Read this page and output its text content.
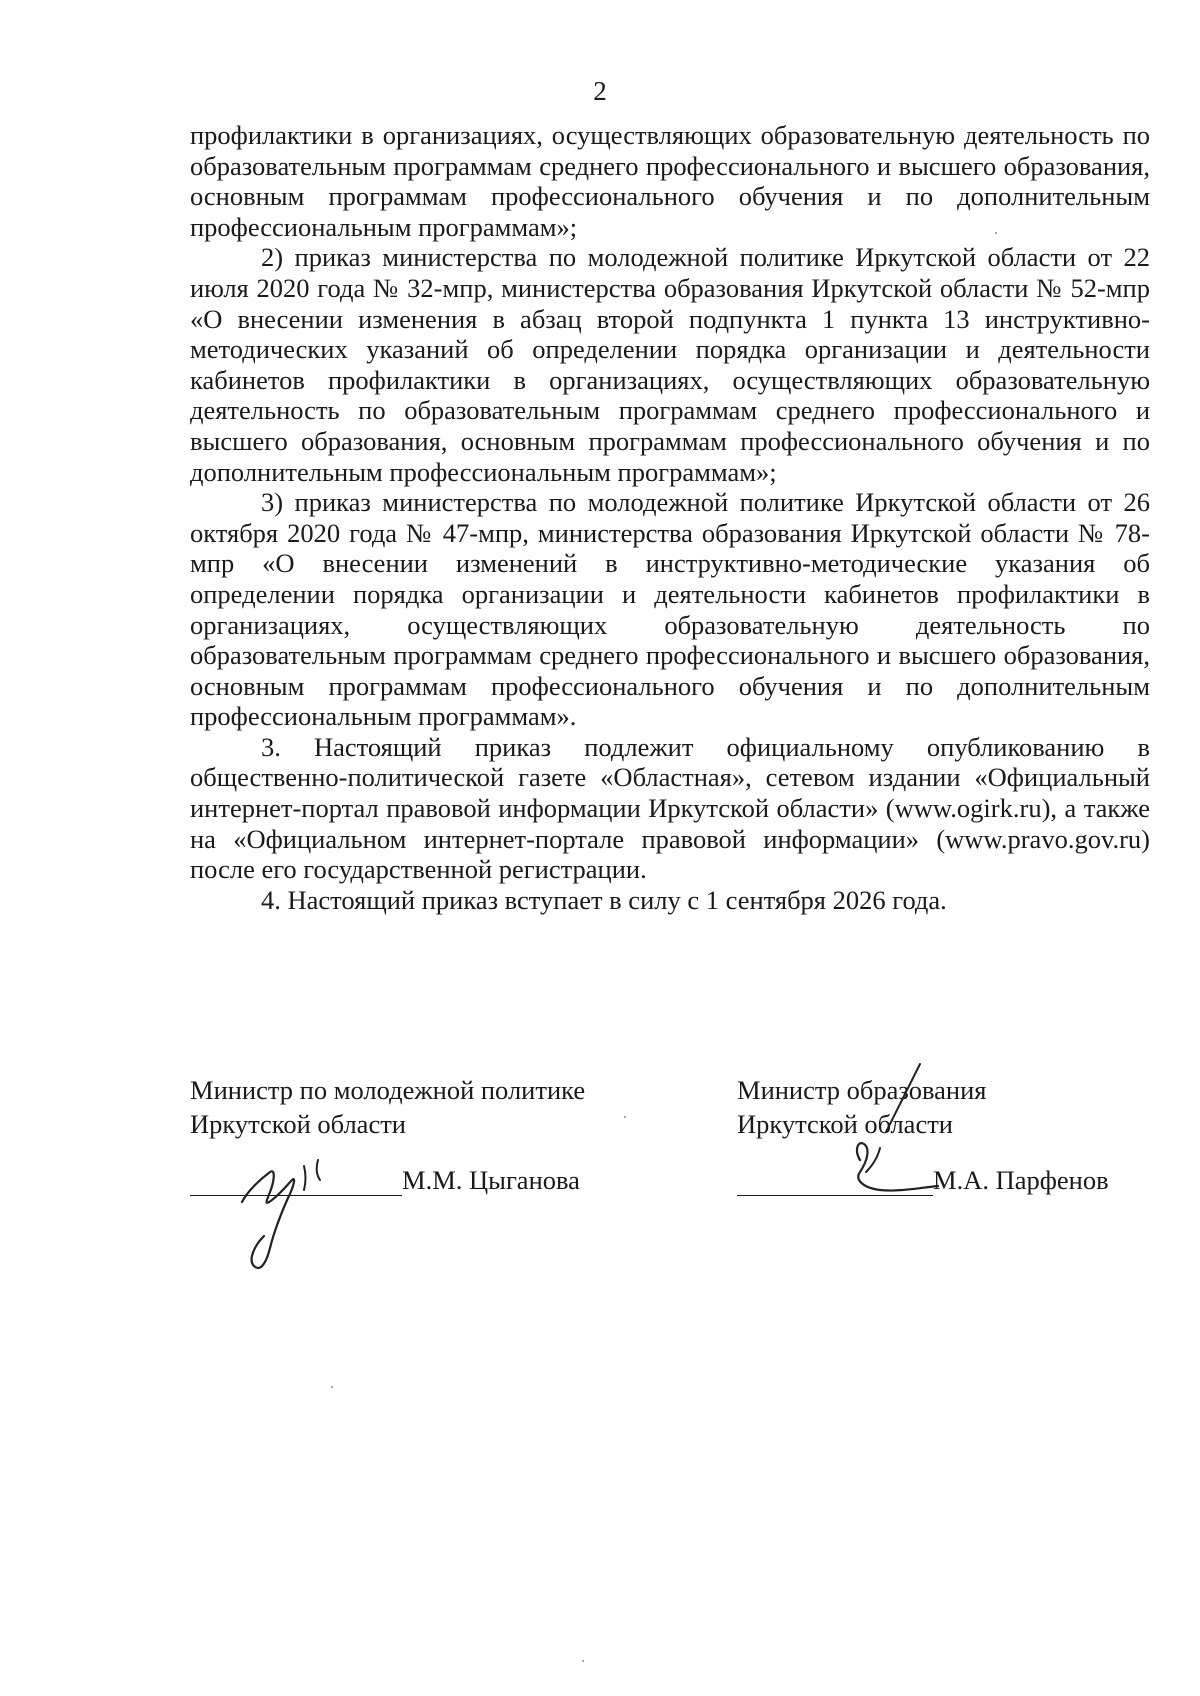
2

профилактики в организациях, осуществляющих образовательную деятельность по образовательным программам среднего профессионального и высшего образования, основным программам профессионального обучения и по дополнительным профессиональным программам»;

2) приказ министерства по молодежной политике Иркутской области от 22 июля 2020 года № 32-мпр, министерства образования Иркутской области № 52-мпр «О внесении изменения в абзац второй подпункта 1 пункта 13 инструктивно-методических указаний об определении порядка организации и деятельности кабинетов профилактики в организациях, осуществляющих образовательную деятельность по образовательным программам среднего профессионального и высшего образования, основным программам профессионального обучения и по дополнительным профессиональным программам»;

3) приказ министерства по молодежной политике Иркутской области от 26 октября 2020 года № 47-мпр, министерства образования Иркутской области № 78-мпр «О внесении изменений в инструктивно-методические указания об определении порядка организации и деятельности кабинетов профилактики в организациях, осуществляющих образовательную деятельность по образовательным программам среднего профессионального и высшего образования, основным программам профессионального обучения и по дополнительным профессиональным программам».

3. Настоящий приказ подлежит официальному опубликованию в общественно-политической газете «Областная», сетевом издании «Официальный интернет-портал правовой информации Иркутской области» (www.ogirk.ru), а также на «Официальном интернет-портале правовой информации» (www.pravo.gov.ru) после его государственной регистрации.

4. Настоящий приказ вступает в силу с 1 сентября 2026 года.

Министр по молодежной политике
Иркутской области
М.М. Цыганова
Министр образования
Иркутской области
М.А. Парфенов
